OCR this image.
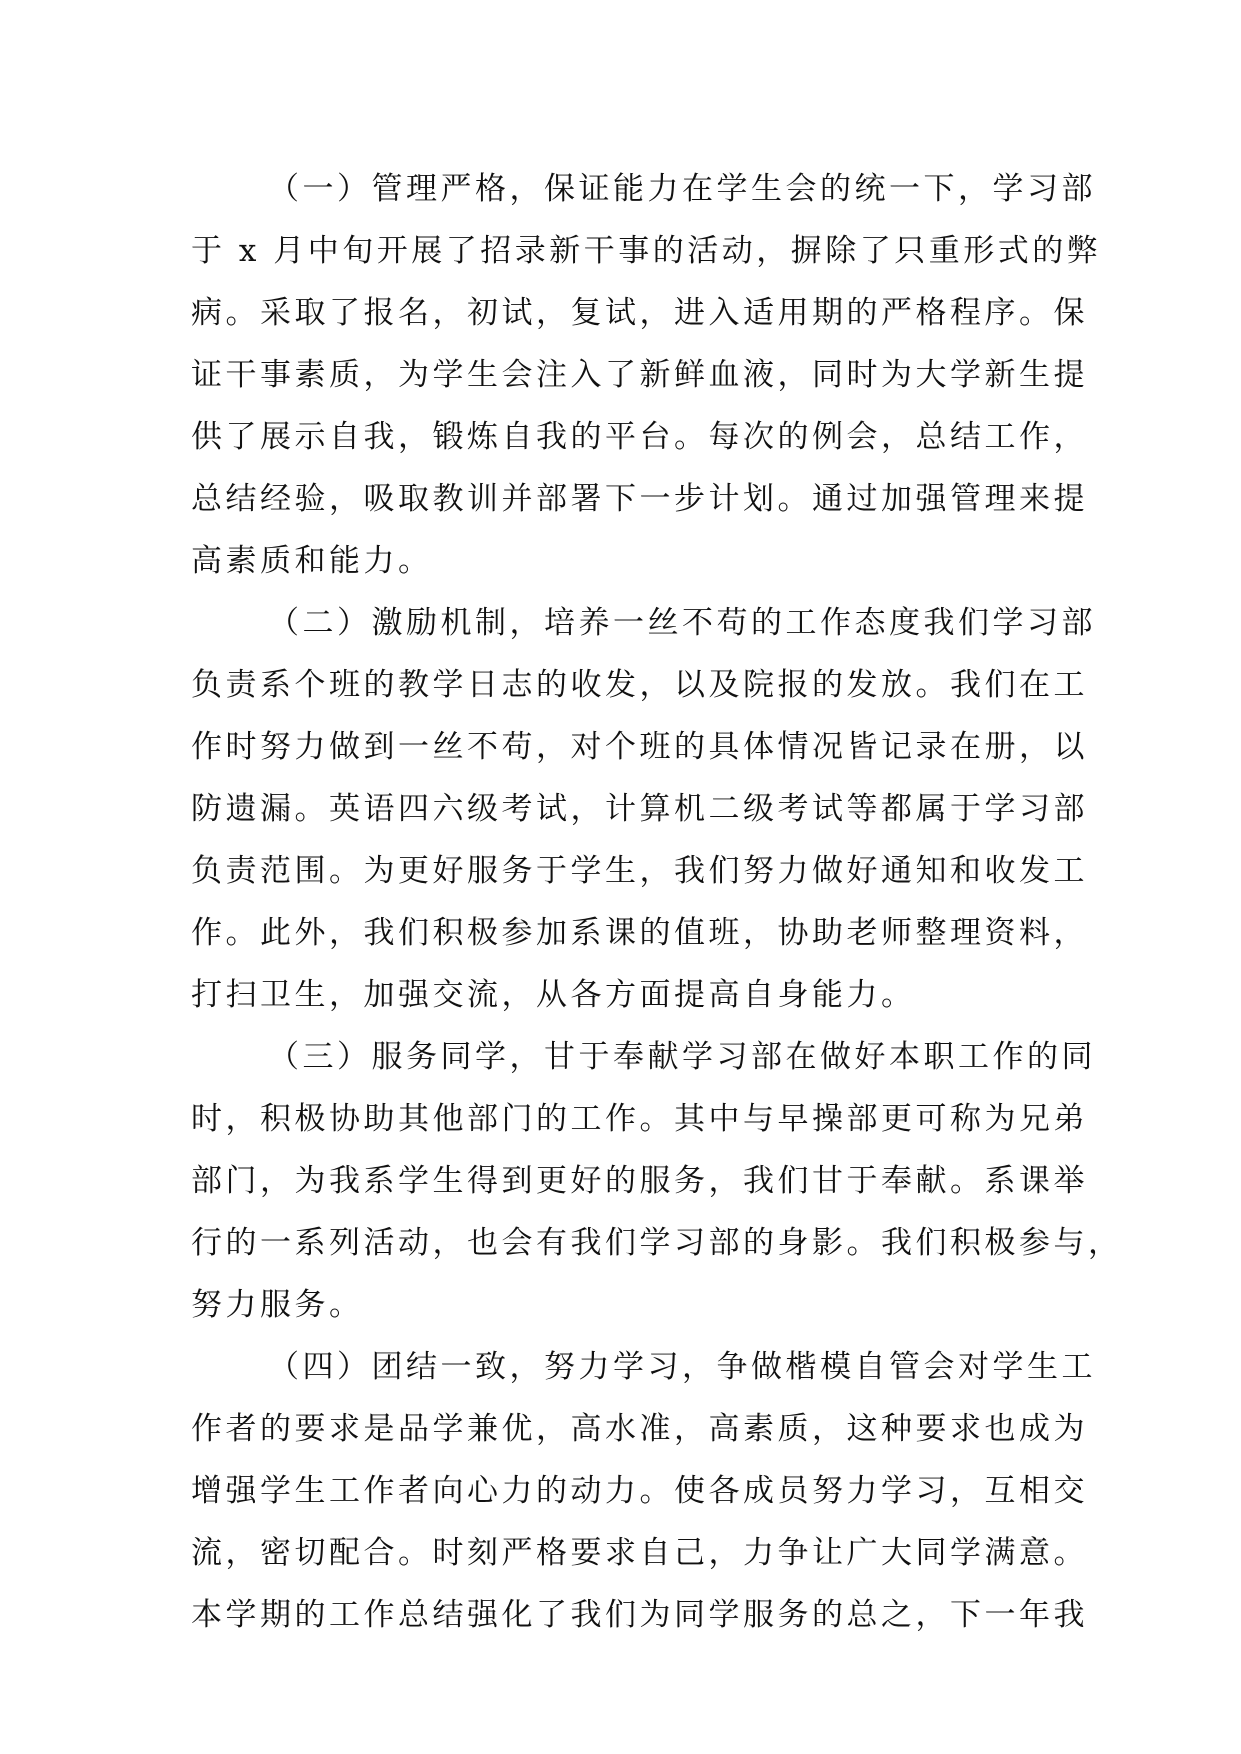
（一）管理严格，保证能力在学生会的统一下，学习部
于 x 月中旬开展了招录新干事的活动，摒除了只重形式的弊
病。采取了报名，初试，复试，进入适用期的严格程序。保
证干事素质，为学生会注入了新鲜血液，同时为大学新生提
供了展示自我，锻炼自我的平台。每次的例会，总结工作，
总结经验，吸取教训并部署下一步计划。通过加强管理来提
高素质和能力。
（二）激励机制，培养一丝不苟的工作态度我们学习部
负责系个班的教学日志的收发，以及院报的发放。我们在工
作时努力做到一丝不苟，对个班的具体情况皆记录在册，以
防遗漏。英语四六级考试，计算机二级考试等都属于学习部
负责范围。为更好服务于学生，我们努力做好通知和收发工
作。此外，我们积极参加系课的值班，协助老师整理资料，
打扫卫生，加强交流，从各方面提高自身能力。
（三）服务同学，甘于奉献学习部在做好本职工作的同
时，积极协助其他部门的工作。其中与早操部更可称为兄弟
部门，为我系学生得到更好的服务，我们甘于奉献。系课举
行的一系列活动，也会有我们学习部的身影。我们积极参与，
努力服务。
（四）团结一致，努力学习，争做楷模自管会对学生工
作者的要求是品学兼优，高水准，高素质，这种要求也成为
增强学生工作者向心力的动力。使各成员努力学习，互相交
流，密切配合。时刻严格要求自己，力争让广大同学满意。
本学期的工作总结强化了我们为同学服务的总之，下一年我
